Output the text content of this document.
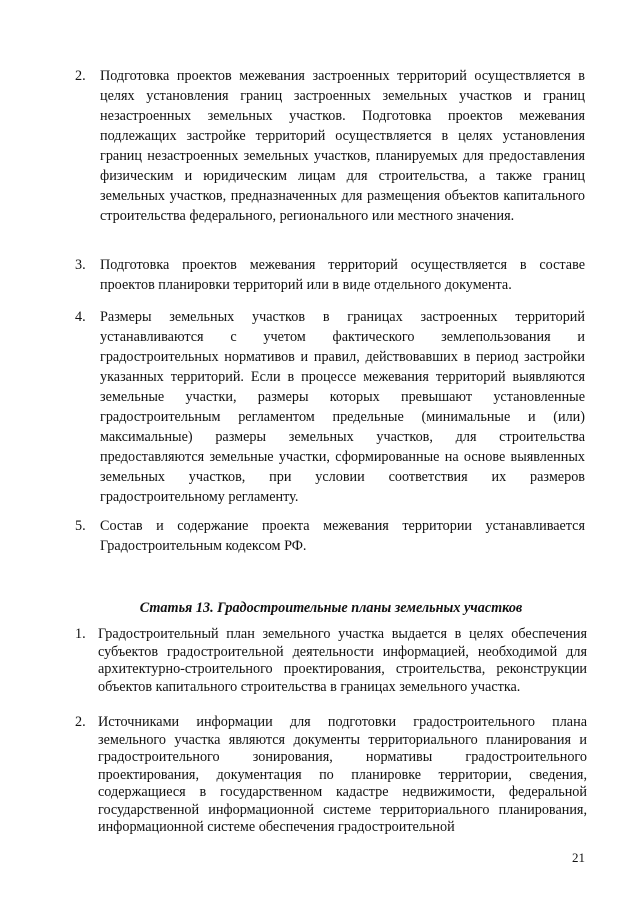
2.	Подготовка проектов межевания застроенных территорий осуществляется в целях установления границ застроенных земельных участков и границ незастроенных земельных участков. Подготовка проектов межевания подлежащих застройке территорий осуществляется в целях установления границ незастроенных земельных участков, планируемых для предоставления физическим и юридическим лицам для строительства, а также границ земельных участков, предназначенных для размещения объектов капитального строительства федерального, регионального или местного значения.
3.	Подготовка проектов межевания территорий осуществляется в составе проектов планировки территорий или в виде отдельного документа.
4.	Размеры земельных участков в границах застроенных территорий устанавливаются с учетом фактического землепользования и градостроительных нормативов и правил, действовавших в период застройки указанных территорий. Если в процессе межевания территорий выявляются земельные участки, размеры которых превышают установленные градостроительным регламентом предельные (минимальные и (или) максимальные) размеры земельных участков, для строительства предоставляются земельные участки, сформированные на основе выявленных земельных участков, при условии соответствия их размеров градостроительному регламенту.
5.	Состав и содержание проекта межевания территории устанавливается Градостроительным кодексом РФ.
Статья 13. Градостроительные планы земельных участков
1. Градостроительный план земельного участка выдается в целях обеспечения субъектов градостроительной деятельности информацией, необходимой для архитектурно-строительного проектирования, строительства, реконструкции объектов капитального строительства в границах земельного участка.
2. Источниками информации для подготовки градостроительного плана земельного участка являются документы территориального планирования и градостроительного зонирования, нормативы градостроительного проектирования, документация по планировке территории, сведения, содержащиеся в государственном кадастре недвижимости, федеральной государственной информационной системе территориального планирования, информационной системе обеспечения градостроительной
21
